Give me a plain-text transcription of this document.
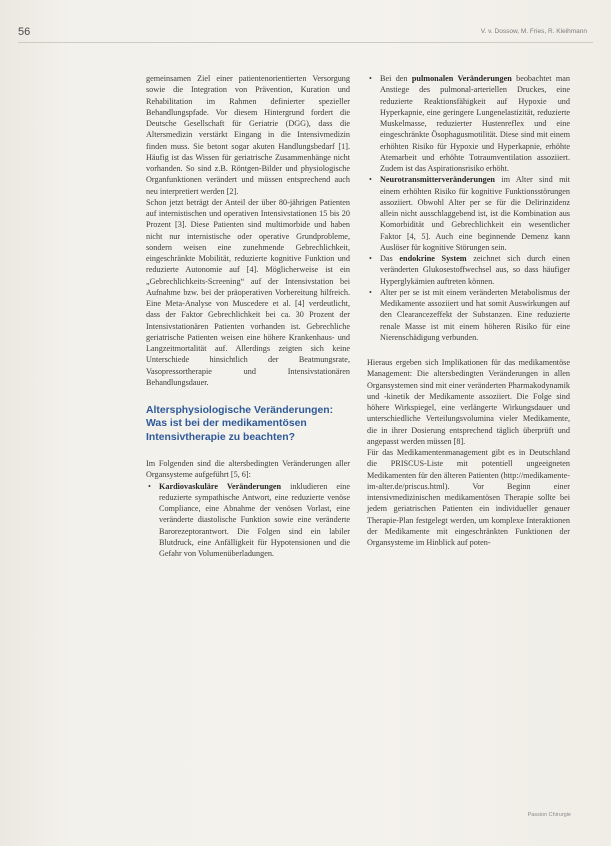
56	V. v. Dossow, M. Fries, R. Kleihmann

gemeinsamen Ziel einer patientenorientierten Versorgung sowie die Integration von Prävention, Kuration und Rehabilitation im Rahmen definierter spezieller Behandlungspfade. Vor diesem Hintergrund fordert die Deutsche Gesellschaft für Geriatrie (DGG), dass die Altersmedizin verstärkt Eingang in die Intensivmedizin finden muss. Sie betont sogar akuten Handlungsbedarf [1]. Häufig ist das Wissen für geriatrische Zusammenhänge nicht vorhanden. So sind z.B. Röntgen-Bilder und physiologische Organfunktionen verändert und müssen entsprechend auch neu interpretiert werden [2].

Schon jetzt beträgt der Anteil der über 80-jährigen Patienten auf internistischen und operativen Intensivstationen 15 bis 20 Prozent [3]. Diese Patienten sind multimorbide und haben nicht nur internistische oder operative Grundprobleme, sondern weisen eine zunehmende Gebrechlichkeit, eingeschränkte Mobilität, reduzierte kognitive Funktion und reduzierte Autonomie auf [4]. Möglicherweise ist ein „Gebrechlichkeits-Screening“ auf der Intensivstation bei Aufnahme bzw. bei der präoperativen Vorbereitung hilfreich. Eine Meta-Analyse von Muscedere et al. [4] verdeutlicht, dass der Faktor Gebrechlichkeit bei ca. 30 Prozent der Intensivstationären Patienten vorhanden ist. Gebrechliche geriatrische Patienten weisen eine höhere Krankenhaus- und Langzeitmortalität auf. Allerdings zeigten sich keine Unterschiede hinsichtlich der Beatmungsrate, Vasopressortherapie und Intensivstationären Behandlungsdauer.

Altersphysiologische Veränderungen: Was ist bei der medikamentösen Intensivtherapie zu beachten?

Im Folgenden sind die altersbedingten Veränderungen aller Organsysteme aufgeführt [5, 6]:

• Kardiovaskuläre Veränderungen inkludieren eine reduzierte sympathische Antwort, eine reduzierte venöse Compliance, eine Abnahme der venösen Vorlast, eine veränderte diastolische Funktion sowie eine veränderte Barorezeptorantwort. Die Folgen sind ein labiler Blutdruck, eine Anfälligkeit für Hypotensionen und die Gefahr von Volumenüberladungen.
• Bei den pulmonalen Veränderungen beobachtet man Anstiege des pulmonal-arteriellen Druckes, eine reduzierte Reaktionsfähigkeit auf Hypoxie und Hyperkapnie, eine geringere Lungenelastizität, reduzierte Muskelmasse, reduzierter Hustenreflex und eine eingeschränkte Ösophagusmotilität. Diese sind mit einem erhöhten Risiko für Hypoxie und Hyperkapnie, erhöhte Atemarbeit und erhöhte Totraumventilation assoziiert. Zudem ist das Aspirationsrisiko erhöht.
• Neurotransmitterveränderungen im Alter sind mit einem erhöhten Risiko für kognitive Funktionsstörungen assoziiert. Obwohl Alter per se für die Delirinzidenz allein nicht ausschlaggebend ist, ist die Kombination aus Komorbidität und Gebrechlichkeit ein wesentlicher Faktor [4, 5]. Auch eine beginnende Demenz kann Auslöser für kognitive Störungen sein.
• Das endokrine System zeichnet sich durch einen veränderten Glukosestoffwechsel aus, so dass häufiger Hyperglykämien auftreten können.
• Alter per se ist mit einem veränderten Metabolismus der Medikamente assoziiert und hat somit Auswirkungen auf den Clearancezeffekt der Substanzen. Eine reduzierte renale Masse ist mit einem höheren Risiko für eine Nierenschädigung verbunden.

Hieraus ergeben sich Implikationen für das medikamentöse Management: Die altersbedingten Veränderungen in allen Organsystemen sind mit einer veränderten Pharmakodynamik und -kinetik der Medikamente assoziiert. Die Folge sind höhere Wirkspiegel, eine verlängerte Wirkungsdauer und unterschiedliche Verteilungsvolumina vieler Medikamente, die in ihrer Dosierung entsprechend täglich überprüft und angepasst werden müssen [8].

Für das Medikamentenmanagement gibt es in Deutschland die PRISCUS-Liste mit potentiell ungeeigneten Medikamenten für den älteren Patienten (http://medikamente-im-alter.de/priscus.html). Vor Beginn einer intensivmedizinischen medikamentösen Therapie sollte bei jedem geriatrischen Patienten ein individueller genauer Therapie-Plan festgelegt werden, um komplexe Interaktionen der Medikamente mit eingeschränkten Funktionen der Organsysteme im Hinblick auf poten-

Passion Chirurgie
